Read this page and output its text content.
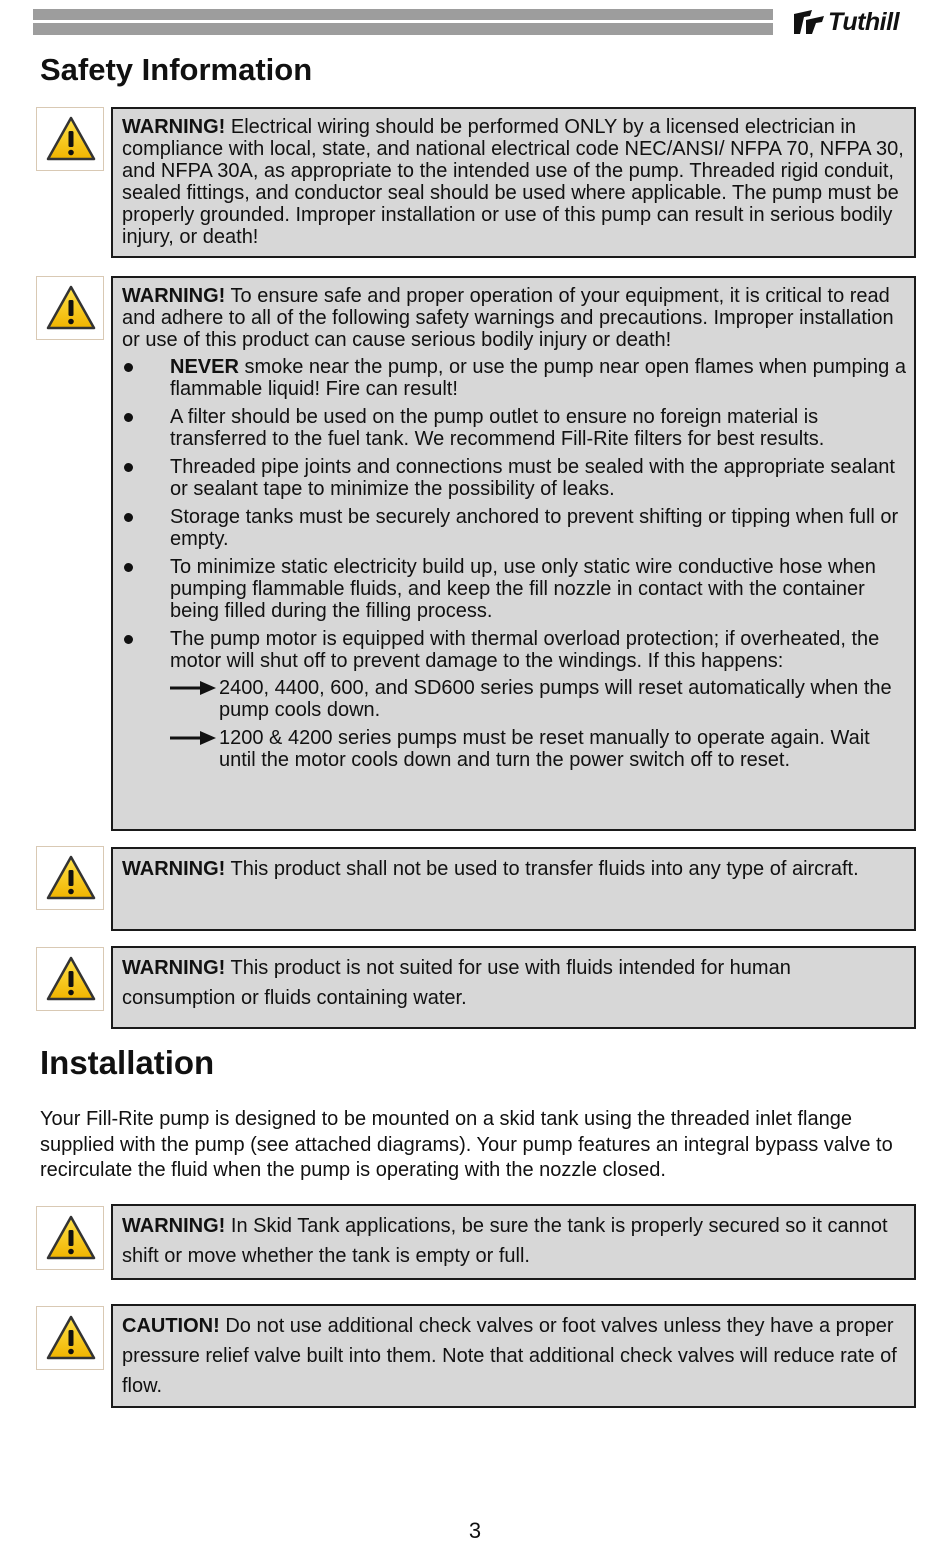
Tuthill
Safety Information
WARNING! Electrical wiring should be performed ONLY by a licensed electrician in compliance with local, state, and national electrical code NEC/ANSI/ NFPA 70, NFPA 30, and NFPA 30A, as appropriate to the intended use of the pump. Threaded rigid conduit, sealed fittings, and conductor seal should be used where applicable. The pump must be properly grounded. Improper installation or use of this pump can result in serious bodily injury, or death!
WARNING! To ensure safe and proper operation of your equipment, it is critical to read and adhere to all of the following safety warnings and precautions. Improper installation or use of this product can cause serious bodily injury or death!
NEVER smoke near the pump, or use the pump near open flames when pumping a flammable liquid! Fire can result!
A filter should be used on the pump outlet to ensure no foreign material is transferred to the fuel tank. We recommend Fill-Rite filters for best results.
Threaded pipe joints and connections must be sealed with the appropriate sealant or sealant tape to minimize the possibility of leaks.
Storage tanks must be securely anchored to prevent shifting or tipping when full or empty.
To minimize static electricity build up, use only static wire conductive hose when pumping flammable fluids, and keep the fill nozzle in contact with the container being filled during the filling process.
The pump motor is equipped with thermal overload protection; if overheated, the motor will shut off to prevent damage to the windings. If this happens:
2400, 4400, 600, and SD600 series pumps will reset automatically when the pump cools down.
1200 & 4200 series pumps must be reset manually to operate again. Wait until the motor cools down and turn the power switch off to reset.
WARNING! This product shall not be used to transfer fluids into any type of aircraft.
WARNING! This product is not suited for use with fluids intended for human consumption or fluids containing water.
Installation
Your Fill-Rite pump is designed to be mounted on a skid tank using the threaded inlet flange supplied with the pump (see attached diagrams). Your pump features an integral bypass valve to recirculate the fluid when the pump is operating with the nozzle closed.
WARNING! In Skid Tank applications, be sure the tank is properly secured so it cannot shift or move whether the tank is empty or full.
CAUTION! Do not use additional check valves or foot valves unless they have a proper pressure relief valve built into them. Note that additional check valves will reduce rate of flow.
3
